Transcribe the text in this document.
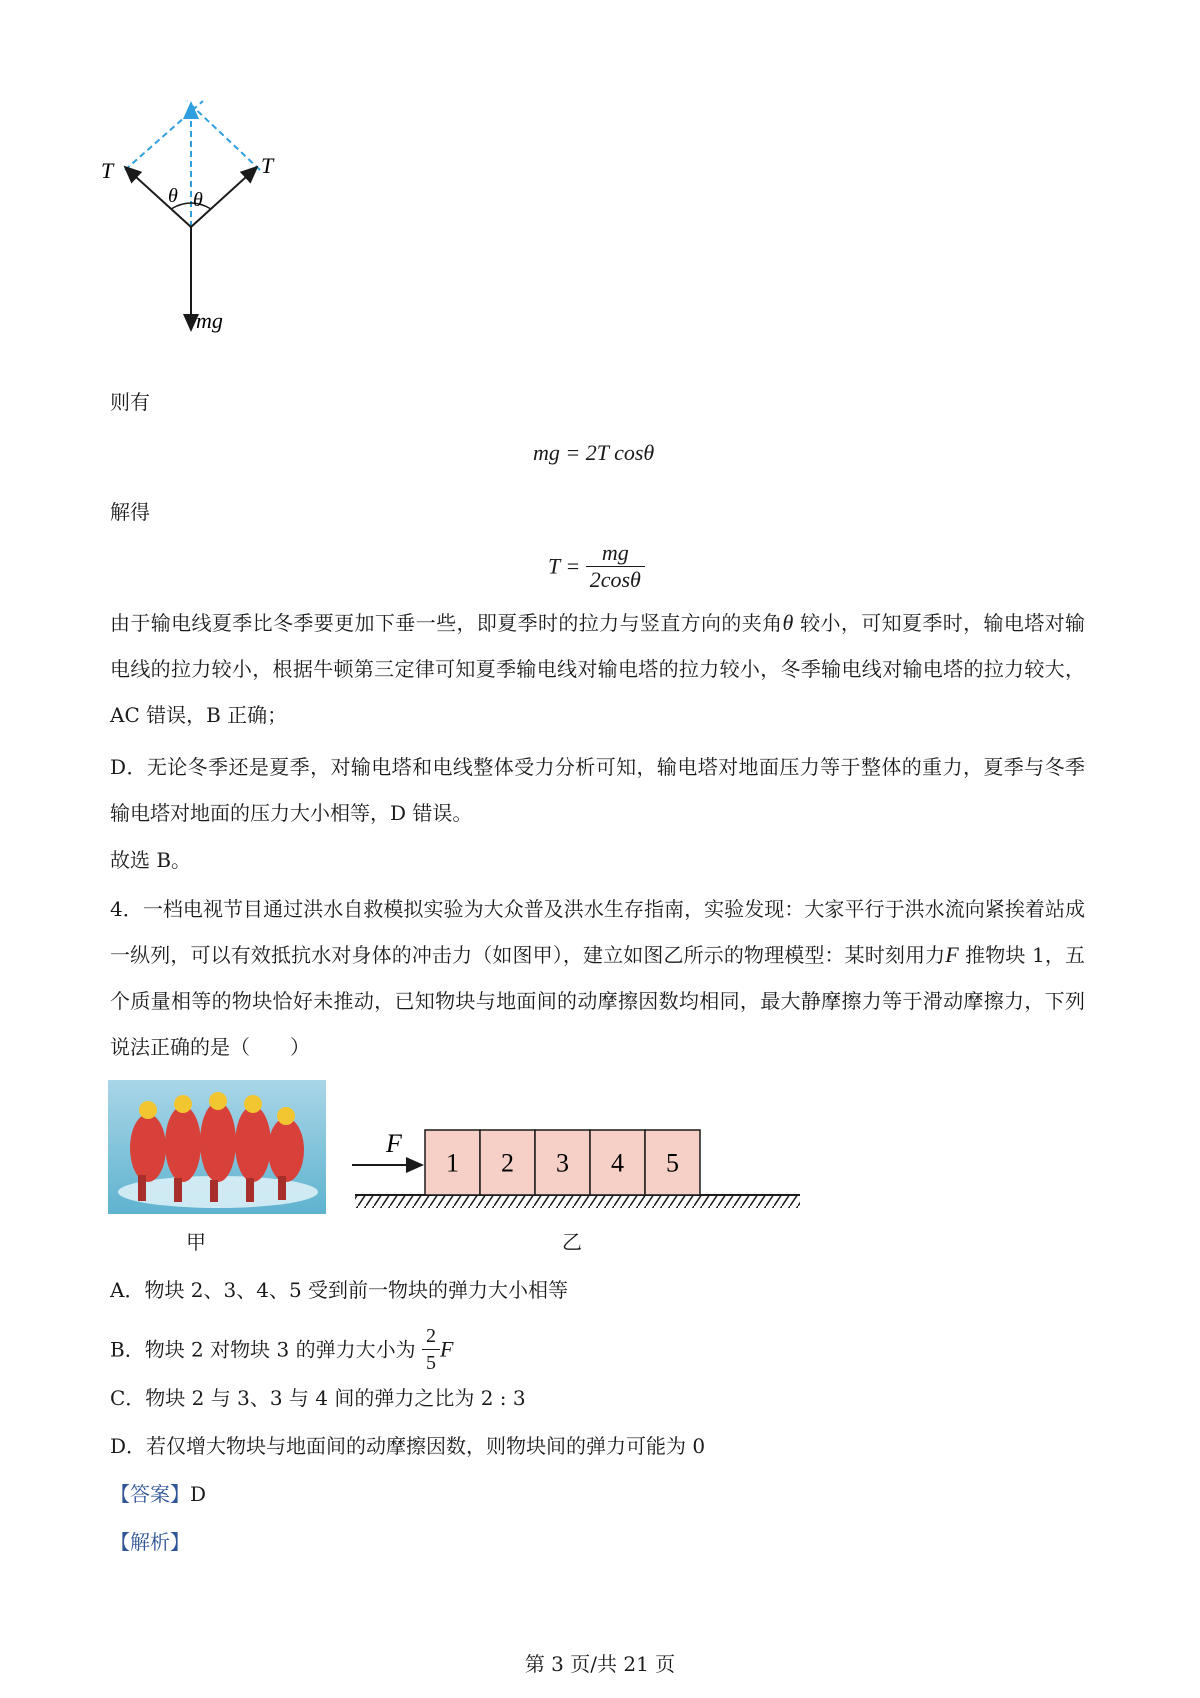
T	T
θ θ
mg
则有
mg = 2T cosθ
解得
$T = \frac{mg}{2\cos\theta}$
由于输电线夏季比冬季要更加下垂一些，即夏季时的拉力与竖直方向的夹角θ 较小，可知夏季时，输电塔对输电线的拉力较小，根据牛顿第三定律可知夏季输电线对输电塔的拉力较小，冬季输电线对输电塔的拉力较大，AC 错误，B 正确；
D．无论冬季还是夏季，对输电塔和电线整体受力分析可知，输电塔对地面压力等于整体的重力，夏季与冬季输电塔对地面的压力大小相等，D 错误。
故选 B。
4．一档电视节目通过洪水自救模拟实验为大众普及洪水生存指南，实验发现：大家平行于洪水流向紧挨着站成一纵列，可以有效抵抗水对身体的冲击力（如图甲），建立如图乙所示的物理模型：某时刻用力F 推物块 1，五个质量相等的物块恰好未推动，已知物块与地面间的动摩擦因数均相同，最大静摩擦力等于滑动摩擦力，下列说法正确的是（　　）
甲
F
1 2 3 4 5
乙
A．物块 2、3、4、5 受到前一物块的弹力大小相等
B．物块 2 对物块 3 的弹力大小为 $\frac{2}{5}$ F
C．物块 2 与 3、3 与 4 间的弹力之比为 2 : 3
D．若仅增大物块与地面间的动摩擦因数，则物块间的弹力可能为 0
【答案】D
【解析】
第 3 页/共 21 页
